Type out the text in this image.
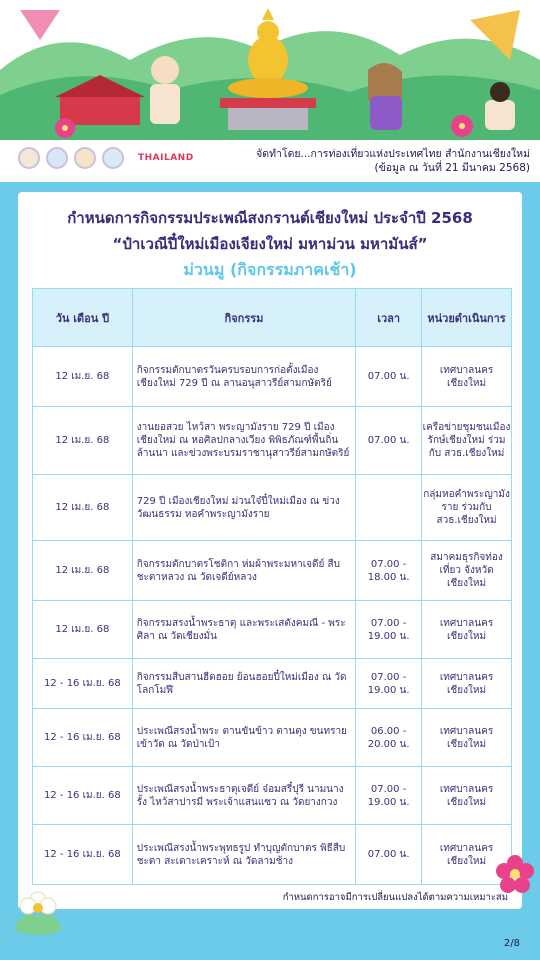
THAILAND	จัดทำโดย...การท่องเที่ยวแห่งประเทศไทย สำนักงานเชียงใหม่
(ข้อมูล ณ วันที่ 21 มีนาคม 2568)
กำหนดการกิจกรรมประเพณีสงกรานต์เชียงใหม่ ประจำปี 2568
“ป๋าเวณีปี๋ใหม่เมืองเจียงใหม่ มหาม่วน มหามันส์”
ม่วนมู (กิจกรรมภาคเช้า)
วัน เดือน ปี	กิจกรรม	เวลา	หน่วยดำเนินการ
12 เม.ย. 68	กิจกรรมตักบาตรวันครบรอบการก่อตั้งเมืองเชียงใหม่ 729 ปี ณ ลานอนุสาวรีย์สามกษัตริย์	07.00 น.	เทศบาลนครเชียงใหม่
12 เม.ย. 68	งานยอสวย ไหว้สา พระญามังราย 729 ปี เมืองเชียงใหม่ ณ หอศิลปกลางเวียง พิพิธภัณฑ์พื้นถิ่นล้านนา และข่วงพระบรมราชานุสาวรีย์สามกษัตริย์	07.00 น.	เครือข่ายชุมชนเมืองรักษ์เชียงใหม่ ร่วมกับ สวธ.เชียงใหม่
12 เม.ย. 68	729 ปี เมืองเชียงใหม่ ม่วนใจ๋ปี๋ใหม่เมือง ณ ข่วงวัฒนธรรม หอคำพระญามังราย		กลุ่มหอคำพระญามังราย ร่วมกับ สวธ.เชียงใหม่
12 เม.ย. 68	กิจกรรมตักบาตรโชติกา ห่มผ้าพระมหาเจดีย์ สืบชะตาหลวง ณ วัดเจดีย์หลวง	07.00 - 18.00 น.	สมาคมธุรกิจท่องเที่ยว จังหวัดเชียงใหม่
12 เม.ย. 68	กิจกรรมสรงน้ำพระธาตุ และพระเสตังคมณี - พระศิลา ณ วัดเชียงมั่น	07.00 - 19.00 น.	เทศบาลนครเชียงใหม่
12 - 16 เม.ย. 68	กิจกรรมสืบสานฮีตฮอย ย้อนฮอยปี๋ใหม่เมือง ณ วัดโลกโมฬี	07.00 - 19.00 น.	เทศบาลนครเชียงใหม่
12 - 16 เม.ย. 68	ประเพณีสรงน้ำพระ ตานขันข้าว ตานตุง ขนทรายเข้าวัด ณ วัดป่าเป้า	06.00 - 20.00 น.	เทศบาลนครเชียงใหม่
12 - 16 เม.ย. 68	ประเพณีสรงน้ำพระธาตุเจดีย์ จ๋อมสรี๋ปุรี นามนางรั้ง ไหว้สาปารมี พระเจ้าแสนแซว ณ วัดยางกวง	07.00 - 19.00 น.	เทศบาลนครเชียงใหม่
12 - 16 เม.ย. 68	ประเพณีสรงน้ำพระพุทธรูป ทำบุญตักบาตร พิธีสืบชะตา สะเดาะเคราะห์ ณ วัดลามช้าง	07.00 น.	เทศบาลนครเชียงใหม่
กำหนดการอาจมีการเปลี่ยนแปลงได้ตามความเหมาะสม
2/8
